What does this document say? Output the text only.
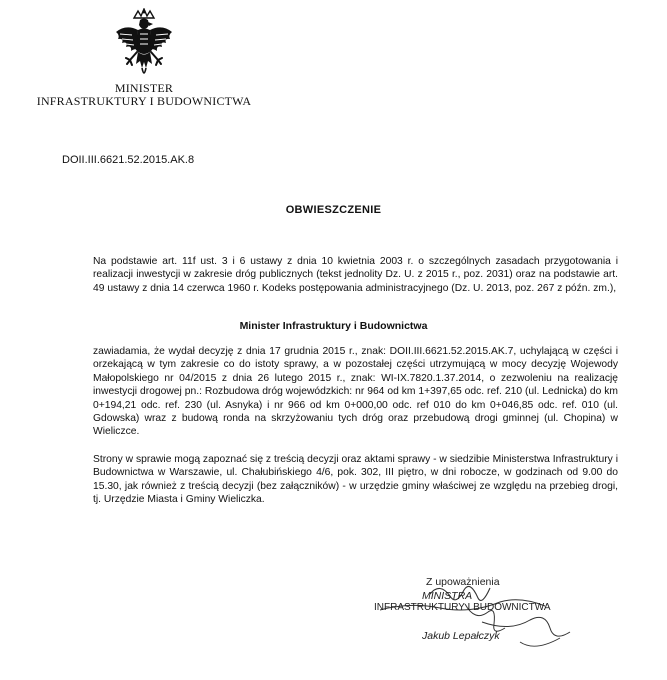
MINISTER
INFRASTRUKTURY I BUDOWNICTWA
DOII.III.6621.52.2015.AK.8
OBWIESZCZENIE
Na podstawie art. 11f ust. 3 i 6 ustawy z dnia 10 kwietnia 2003 r. o szczególnych zasadach przygotowania i realizacji inwestycji w zakresie dróg publicznych (tekst jednolity Dz. U. z 2015 r., poz. 2031) oraz na podstawie art. 49 ustawy z dnia 14 czerwca 1960 r. Kodeks postępowania administracyjnego (Dz. U. 2013, poz. 267 z późn. zm.),
Minister Infrastruktury i Budownictwa
zawiadamia, że wydał decyzję z dnia 17 grudnia 2015 r., znak: DOII.III.6621.52.2015.AK.7, uchylającą w części i orzekającą w tym zakresie co do istoty sprawy, a w pozostałej części utrzymującą w mocy decyzję Wojewody Małopolskiego nr 04/2015 z dnia 26 lutego 2015 r., znak: WI-IX.7820.1.37.2014, o zezwoleniu na realizację inwestycji drogowej pn.: Rozbudowa dróg wojewódzkich: nr 964 od km 1+397,65 odc. ref. 210 (ul. Lednicka) do km 0+194,21 odc. ref. 230 (ul. Asnyka) i nr 966 od km 0+000,00 odc. ref 010 do km 0+046,85 odc. ref. 010 (ul. Gdowska) wraz z budową ronda na skrzyżowaniu tych dróg oraz przebudową drogi gminnej (ul. Chopina) w Wieliczce.
Strony w sprawie mogą zapoznać się z treścią decyzji oraz aktami sprawy - w siedzibie Ministerstwa Infrastruktury i Budownictwa w Warszawie, ul. Chałubińskiego 4/6, pok. 302, III piętro, w dni robocze, w godzinach od 9.00 do 15.30, jak również z treścią decyzji (bez załączników) - w urzędzie gminy właściwej ze względu na przebieg drogi, tj. Urzędzie Miasta i Gminy Wieliczka.
Z upoważnienia
MINISTRA
INFRASTRUKTURY I BUDOWNICTWA
Jakub Lepałczyk
